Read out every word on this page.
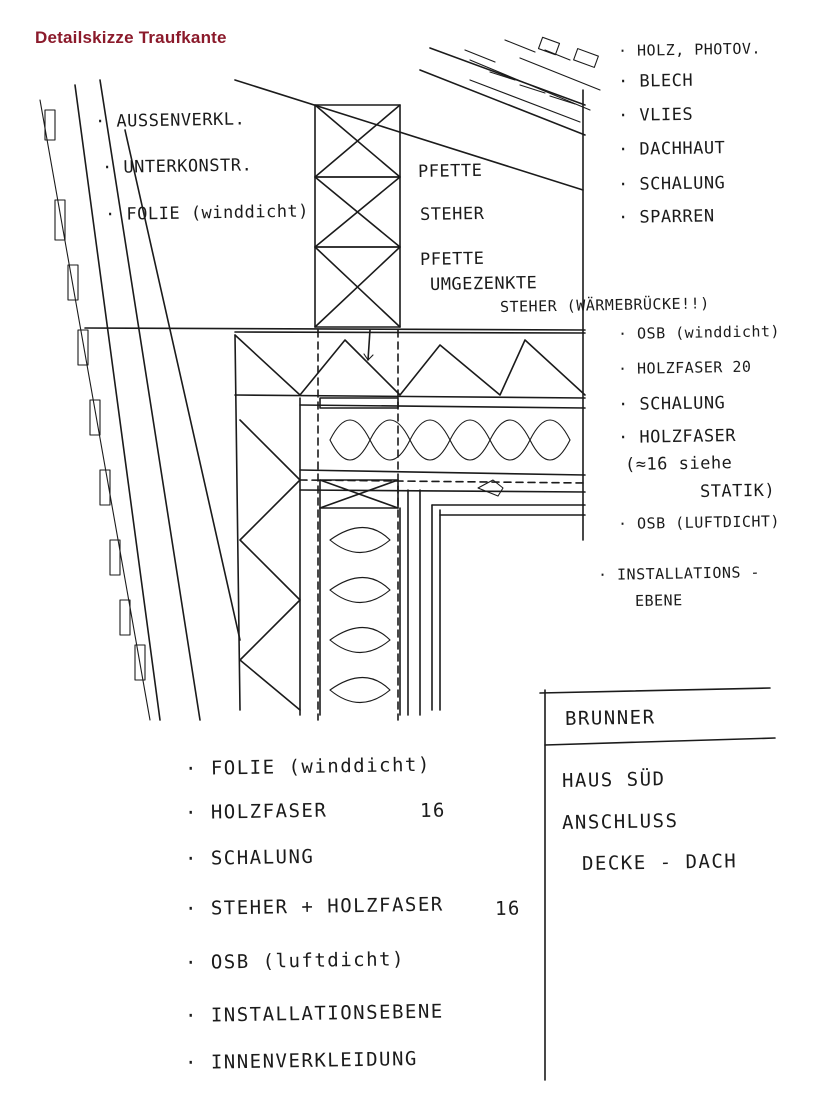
Detailskizze Traufkante
· AUSSENVERKL.
· UNTERKONSTR.
· FOLIE (winddicht)
PFETTE
STEHER
PFETTE
UMGEZENKTE
STEHER (WÄRMEBRÜCKE!!)
· HOLZ, PHOTOV.
· BLECH
· VLIES
· DACHHAUT
· SCHALUNG
· SPARREN
· OSB (winddicht)
· HOLZFASER 20
· SCHALUNG
· HOLZFASER
(≈16 siehe
STATIK)
· OSB (LUFTDICHT)
· INSTALLATIONS -
EBENE
· FOLIE (winddicht)
· HOLZFASER	16
· SCHALUNG
· STEHER + HOLZFASER	16
· OSB (luftdicht)
· INSTALLATIONSEBENE
· INNENVERKLEIDUNG
BRUNNER
HAUS SÜD
ANSCHLUSS
DECKE - DACH
